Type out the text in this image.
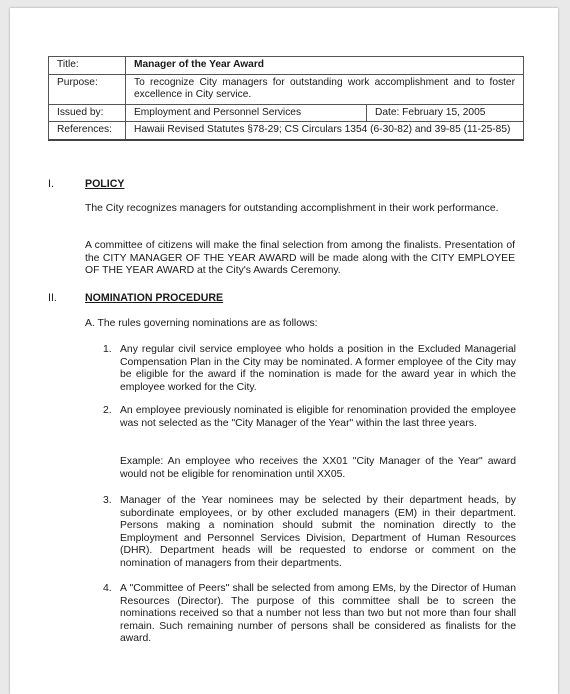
Title:	Manager of the Year Award
Purpose:	To recognize City managers for outstanding work accomplishment and to foster excellence in City service.
Issued by:	Employment and Personnel Services	Date: February 15, 2005
References:	Hawaii Revised Statutes §78-29; CS Circulars 1354 (6-30-82) and 39-85 (11-25-85)
I.	POLICY
The City recognizes managers for outstanding accomplishment in their work performance.
A committee of citizens will make the final selection from among the finalists. Presentation of the CITY MANAGER OF THE YEAR AWARD will be made along with the CITY EMPLOYEE OF THE YEAR AWARD at the City's Awards Ceremony.
II.	NOMINATION PROCEDURE
A. The rules governing nominations are as follows:
1. Any regular civil service employee who holds a position in the Excluded Managerial Compensation Plan in the City may be nominated. A former employee of the City may be eligible for the award if the nomination is made for the award year in which the employee worked for the City.
2. An employee previously nominated is eligible for renomination provided the employee was not selected as the "City Manager of the Year" within the last three years.
Example: An employee who receives the XX01 "City Manager of the Year" award would not be eligible for renomination until XX05.
3. Manager of the Year nominees may be selected by their department heads, by subordinate employees, or by other excluded managers (EM) in their department. Persons making a nomination should submit the nomination directly to the Employment and Personnel Services Division, Department of Human Resources (DHR). Department heads will be requested to endorse or comment on the nomination of managers from their departments.
4. A "Committee of Peers" shall be selected from among EMs, by the Director of Human Resources (Director). The purpose of this committee shall be to screen the nominations received so that a number not less than two but not more than four shall remain. Such remaining number of persons shall be considered as finalists for the award.
